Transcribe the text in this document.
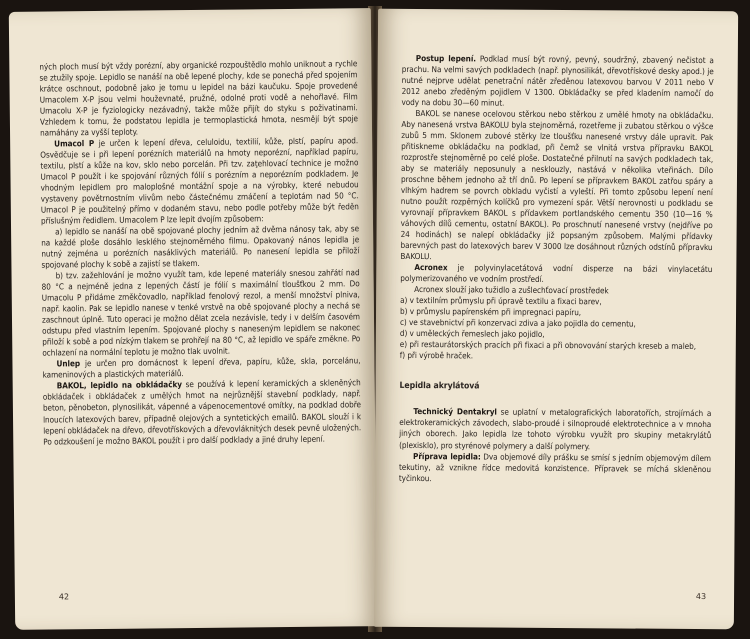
ných ploch musí být vždy porézní, aby organické rozpouštědlo mohlo uniknout a rychle se ztužily spoje. Lepidlo se nanáší na obě lepené plochy, kde se ponechá před spojením krátce oschnout, podobně jako je tomu u lepidel na bázi kaučuku. Spoje provedené Umacolem X-P jsou velmi houževnaté, pružné, odolné proti vodě a nehořlavé. Film Umacolu X-P je fyziologicky nezávadný, takže může přijít do styku s poživatinami. Vzhledem k tomu, že podstatou lepidla je termoplastická hmota, nesmějí být spoje namáhány za vyšší teploty.

Umacol P je určen k lepení dřeva, celuloidu, textilií, kůže, plstí, papíru apod. Osvědčuje se i při lepení porézních materiálů na hmoty neporézní, například papíru, textilu, plstí a kůže na kov, sklo nebo porcelán. Při tzv. zaţehlovací technice je možno Umacol P použít i ke spojování různých fólií s porézním a neporézním podkladem. Je vhodným lepidlem pro maloplošné montážní spoje a na výrobky, které nebudou vystaveny povětrnostním vlivům nebo částečnému zmáčení a teplotám nad 50 °C. Umacol P je použitelný přímo v dodaném stavu, nebo podle potřeby může být ředěn příslušným ředidlem. Umacolem P lze lepit dvojím způsobem:

a) lepidlo se nanáší na obě spojované plochy jedním až dvěma nánosy tak, aby se na každé ploše dosáhlo lesklého stejnoměrného filmu. Opakovaný nános lepidla je nutný zejména u porézních nasáklivých materiálů. Po nanesení lepidla se přiloží spojované plochy k sobě a zajistí se tlakem.

b) tzv. zažehlování je možno využít tam, kde lepené materiály snesou zahřátí nad 80 °C a nejméně jedna z lepených částí je fólií s maximální tloušťkou 2 mm. Do Umacolu P přidáme změkčovadlo, například fenolový rezol, a menší množství plniva, např. kaolin. Pak se lepidlo nanese v tenké vrstvě na obě spojované plochy a nechá se zaschnout úplně. Tuto operaci je možno dělat zcela nezávisle, tedy i v delším časovém odstupu před vlastním lepením. Spojované plochy s naneseným lepidlem se nakonec přiloží k sobě a pod nízkým tlakem se prohřejí na 80 °C, až lepidlo ve spáře změkne. Po ochlazení na normální teplotu je možno tlak uvolnit.

Unlep je určen pro domácnost k lepení dřeva, papíru, kůže, skla, porcelánu, kameninových a plastických materiálů.

BAKOL, lepidlo na obkládačky se používá k lepení keramických a skleněných obkládaček i obkládaček z umělých hmot na nejrůznější stavební podklady, např. beton, pěnobeton, plynosilikát, vápenné a vápenocementové omítky, na podklad dobře lnoucích latexových barev, případně olejových a syntetických emailů. BAKOL slouží i k lepení obkládaček na dřevo, dřevotřískových a dřevovláknitých desek pevně uložených. Po odzkoušení je možno BAKOL použít i pro další podklady a jiné druhy lepení.

42

Postup lepení. Podklad musí být rovný, pevný, soudržný, zbavený nečistot a prachu. Na velmi savých podkladech (např. plynosilikát, dřevotřískové desky apod.) je nutné nejprve udělat penetrační nátěr zředěnou latexovou barvou V 2011 nebo V 2012 anebo zředěným pojidlem V 1300. Obkládačky se před kladením namočí do vody na dobu 30—60 minut.

BAKOL se nanese ocelovou stěrkou nebo stěrkou z umělé hmoty na obkládačku. Aby nanesená vrstva BAKOLU byla stejnoměrná, rozetřeme ji zubatou stěrkou o výšce zubů 5 mm. Sklonem zubové stěrky lze tloušťku nanesené vrstvy dále upravit. Pak přitiskneme obkládačku na podklad, při čemž se vlnitá vrstva přípravku BAKOL rozprostře stejnoměrně po celé ploše. Dostatečné přilnutí na savých podkladech tak, aby se materiály neposunuly a nesklouzly, nastává v několika vteřinách. Dílo proschne během jednoho až tří dnů. Po lepení se přípravkem BAKOL zatřou spáry a vlhkým hadrem se povrch obkladu vyčistí a vyleští. Při tomto způsobu lepení není nutno použít rozpěrných kolíčků pro vymezení spár. Větší nerovnosti u podkladu se vyrovnají přípravkem BAKOL s přídavkem portlandského cementu 350 (10—16 % váhových dílů cementu, ostatní BAKOL). Po proschnutí nanesené vrstvy (nejdříve po 24 hodinách) se nalepí obkládačky již popsaným způsobem. Malými přídavky barevných past do latexových barev V 3000 lze dosáhnout různých odstínů přípravku BAKOLU.

Acronex je polyvinylacetátová vodní disperze na bázi vinylacetátu polymerizovaného ve vodním prostředí.

Acronex slouží jako tužidlo a zušlechťovací prostředek

a) v textilním průmyslu při úpravě textilu a fixaci barev,

b) v průmyslu papírenském při impregnaci papíru,

c) ve stavebnictví při konzervaci zdiva a jako pojidla do cementu,

d) v uměleckých řemeslech jako pojidlo,

e) při restaurátorských pracích při fixaci a při obnovování starých kreseb a maleb,

f) při výrobě hraček.

Lepidla akrylátová

Technický Dentakryl se uplatní v metalografických laboratořích, strojírnách a elektrokeramických závodech, slabo-proudé i silnoproudé elektrotechnice a v mnoha jiných oborech. Jako lepidla lze tohoto výrobku využít pro skupiny metakrylátů (plexisklo), pro styrénové polymery a další polymery.

Příprava lepidla: Dva objemové díly prášku se smísí s jedním objemovým dílem tekutiny, až vznikne řídce medovitá konzistence. Přípravek se míchá skleněnou tyčinkou.

43
